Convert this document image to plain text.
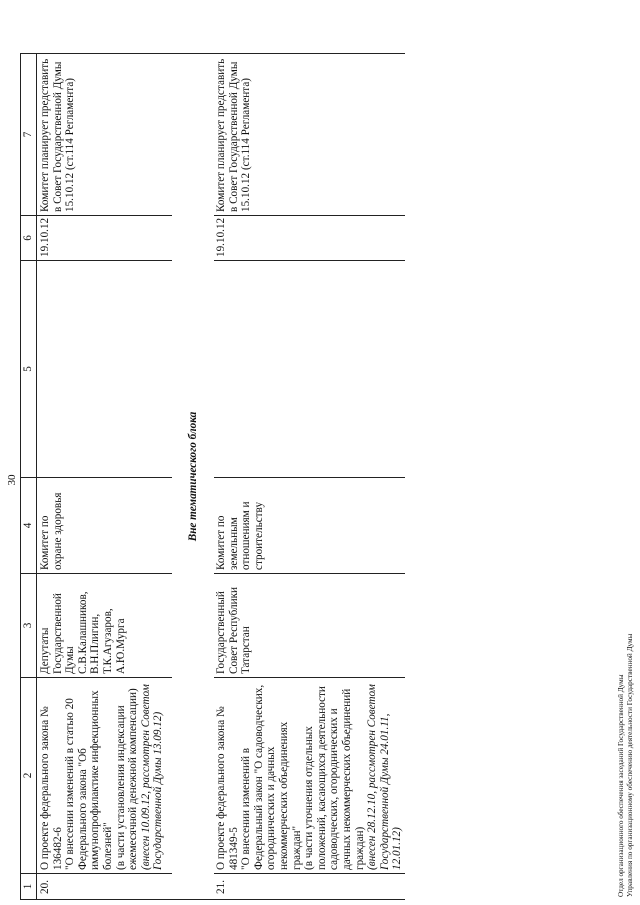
30
1	2	3	4	5	6	7
20.	О проекте федерального закона № 136482-6 "О внесении изменений в статью 20 Федерального закона "Об иммунопрофилактике инфекционных болезней" (в части установления индексации ежемесячной денежной компенсации) (внесен 10.09.12, рассмотрен Советом Государственной Думы 13.09.12)	Депутаты Государственной Думы С.В.Калашников, В.Н.Плигин, Т.К.Агузаров, А.Ю.Мурга	Комитет по охране здоровья		19.10.12	Комитет планирует представить в Совет Государственной Думы 15.10.12 (ст.114 Регламента)
Вне тематического блока						
21.	О проекте федерального закона № 481349-5 "О внесении изменений в Федеральный закон "О садоводческих, огороднических и дачных некоммерческих объединениях граждан" (в части уточнения отдельных положений, касающихся деятельности садоводческих, огороднических и дачных некоммерческих объединений граждан) (внесен 28.12.10, рассмотрен Советом Государственной Думы 24.01.11, 12.01.12)	Государственный Совет Республики Татарстан	Комитет по земельным отношениям и строительству		19.10.12	Комитет планирует представить в Совет Государственной Думы 15.10.12 (ст.114 Регламента)
Отдел организационного обеспечения заседаний Государственной Думы Управления по организационному обеспечению деятельности Государственной Думы
